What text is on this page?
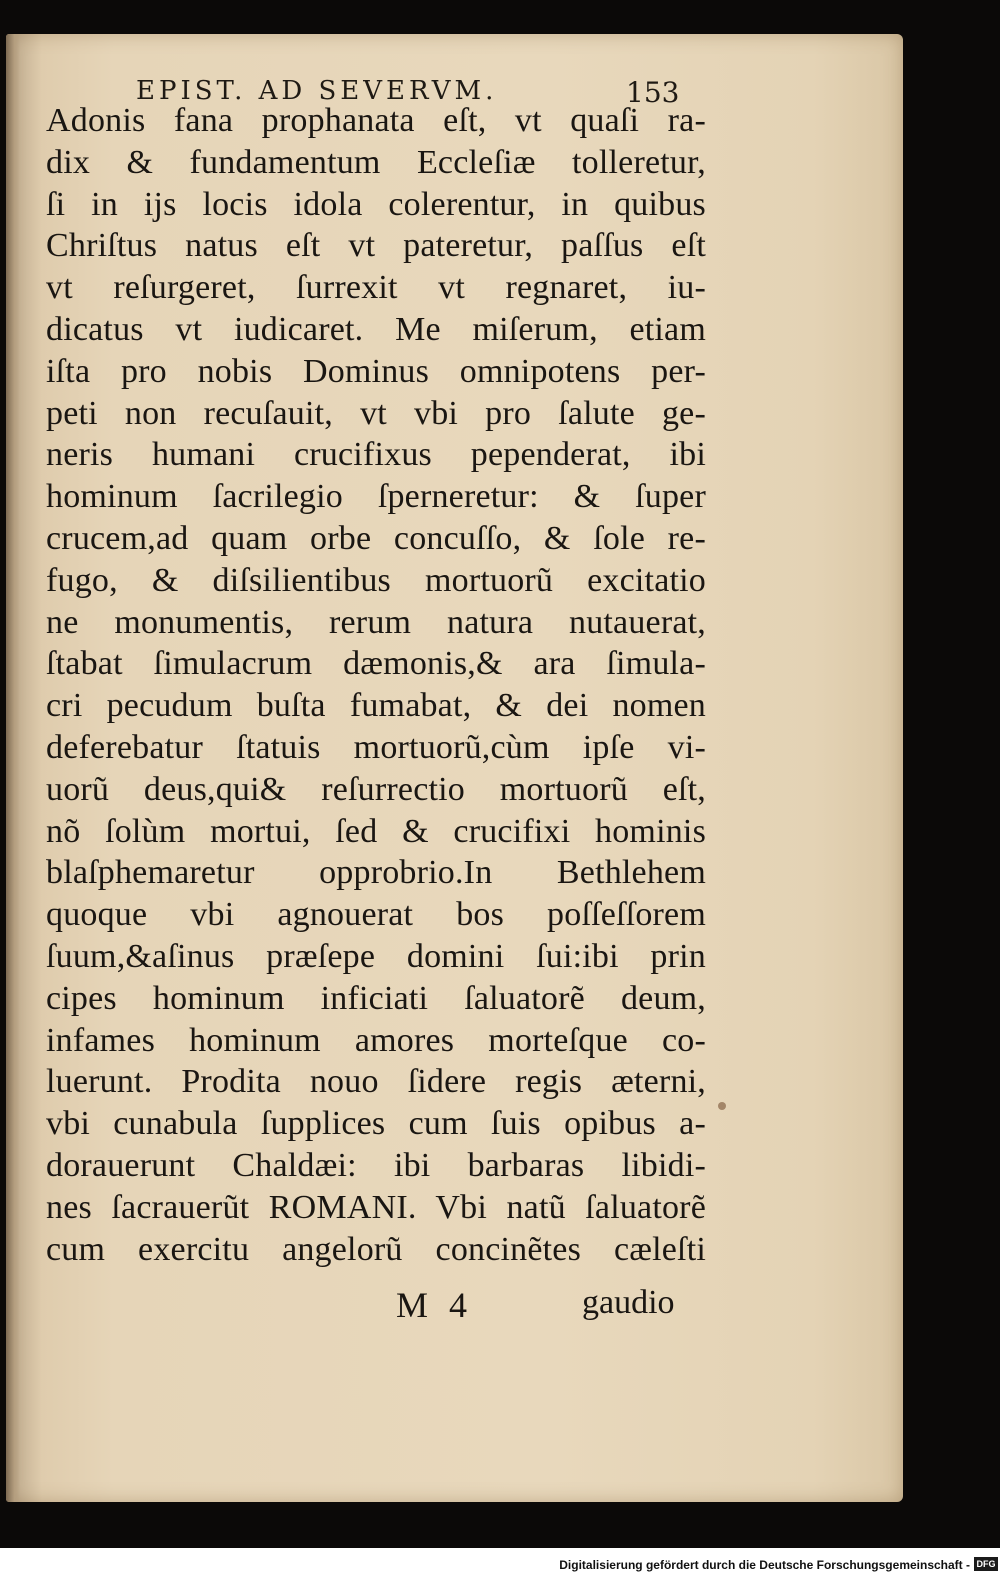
EPIST. AD SEVERVM.	153
Adonis fana prophanata eſt, vt quaſi ra-
dix & fundamentum Eccleſiæ tolleretur,
ſi in ijs locis idola colerentur, in quibus
Chriſtus natus eſt vt pateretur, paſſus eſt
vt reſurgeret, ſurrexit vt regnaret, iu-
dicatus vt iudicaret. Me miſerum, etiam
iſta pro nobis Dominus omnipotens per-
peti non recuſauit, vt vbi pro ſalute ge-
neris humani crucifixus pependerat, ibi
hominum ſacrilegio ſperneretur: & ſuper
crucem,ad quam orbe concuſſo, & ſole re-
fugo, & diſsilientibus mortuorũ excitatio
ne monumentis, rerum natura nutauerat,
ſtabat ſimulacrum dæmonis,& ara ſimula-
cri pecudum buſta fumabat, & dei nomen
deferebatur ſtatuis mortuorũ,cùm ipſe vi-
uorũ deus,qui& reſurrectio mortuorũ eſt,
nõ ſolùm mortui, ſed & crucifixi hominis
blaſphemaretur opprobrio.In Bethlehem
quoque vbi agnouerat bos poſſeſſorem
ſuum,&aſinus præſepe domini ſui:ibi prin
cipes hominum inficiati ſaluatorẽ deum,
infames hominum amores morteſque co-
luerunt. Prodita nouo ſidere regis æterni,
vbi cunabula ſupplices cum ſuis opibus a-
dorauerunt Chaldæi: ibi barbaras libidi-
nes ſacrauerũt ROMANI. Vbi natũ ſaluatorẽ
cum exercitu angelorũ concinẽtes cæleſti
M 4	gaudio
Digitalisierung gefördert durch die Deutsche Forschungsgemeinschaft - DFG
